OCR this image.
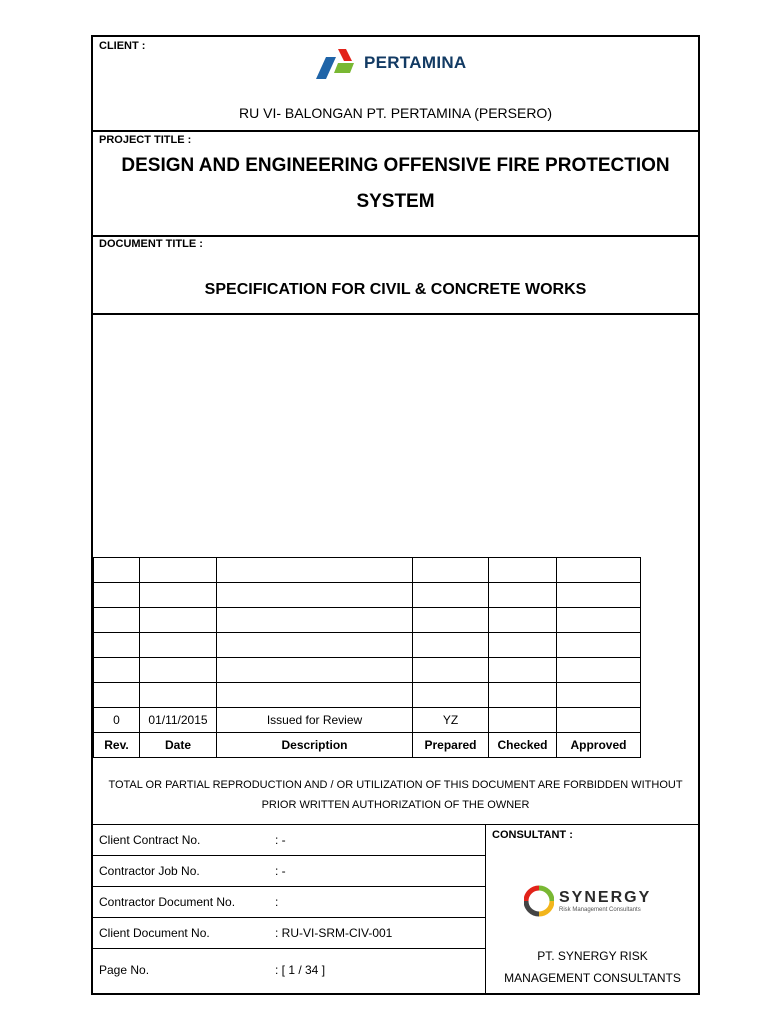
CLIENT :
PERTAMINA
RU VI- BALONGAN PT. PERTAMINA (PERSERO)
PROJECT TITLE :
DESIGN AND ENGINEERING OFFENSIVE FIRE PROTECTION
SYSTEM
DOCUMENT TITLE :
SPECIFICATION FOR CIVIL & CONCRETE WORKS

0	01/11/2015	Issued for Review	YZ		
Rev.	Date	Description	Prepared	Checked	Approved
TOTAL OR PARTIAL REPRODUCTION AND / OR UTILIZATION OF THIS DOCUMENT ARE FORBIDDEN WITHOUT
PRIOR WRITTEN AUTHORIZATION OF THE OWNER
Client Contract No.	: -
Contractor Job No.	: -
Contractor Document No.	:
Client Document No.	: RU-VI-SRM-CIV-001
Page No.	: [ 1 / 34 ]
CONSULTANT :
SYNERGY
Risk Management Consultants
PT. SYNERGY RISK
MANAGEMENT CONSULTANTS
